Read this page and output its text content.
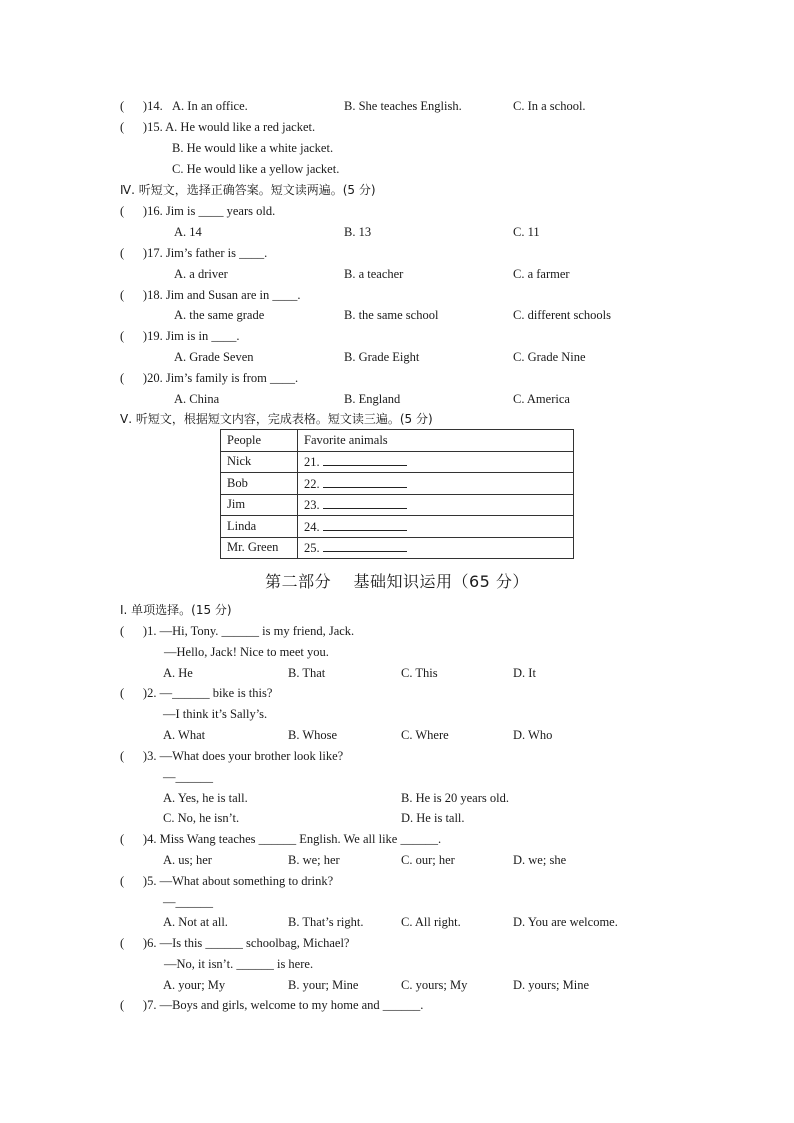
(      )14. A. In an office.	B. She teaches English.	C. In a school.
(      )15. A. He would like a red jacket.
B. He would like a white jacket.
C. He would like a yellow jacket.
Ⅳ. 听短文，选择正确答案。短文读两遍。(5 分)
(      )16. Jim is ____ years old.
A. 14	B. 13	C. 11
(      )17. Jim’s father is ____.
A. a driver	B. a teacher	C. a farmer
(      )18. Jim and Susan are in ____.
A. the same grade	B. the same school	C. different schools
(      )19. Jim is in ____.
A. Grade Seven	B. Grade Eight	C. Grade Nine
(      )20. Jim’s family is from ____.
A. China	B. England	C. America
Ⅴ. 听短文，根据短文内容，完成表格。短文读三遍。(5 分)
People	Favorite animals
Nick	21.
Bob	22.
Jim	23.
Linda	24.
Mr. Green	25.
第二部分    基础知识运用（65 分）
Ⅰ. 单项选择。(15 分)
(      )1. —Hi, Tony. ______ is my friend, Jack.
—Hello, Jack! Nice to meet you.
A. He	B. That	C. This	D. It
(      )2. —______ bike is this?
—I think it’s Sally’s.
A. What	B. Whose	C. Where	D. Who
(      )3. —What does your brother look like?
—______
A. Yes, he is tall.	B. He is 20 years old.
C. No, he isn’t.	D. He is tall.
(      )4. Miss Wang teaches ______ English. We all like ______.
A. us; her	B. we; her	C. our; her	D. we; she
(      )5. —What about something to drink?
—______
A. Not at all.	B. That’s right.	C. All right.	D. You are welcome.
(      )6. —Is this ______ schoolbag, Michael?
—No, it isn’t. ______ is here.
A. your; My	B. your; Mine	C. yours; My	D. yours; Mine
(      )7. —Boys and girls, welcome to my home and ______.
